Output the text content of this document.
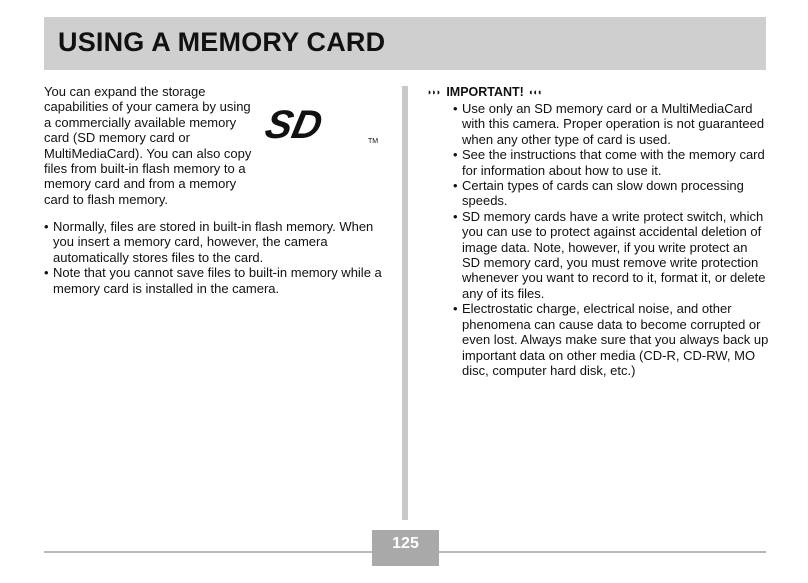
USING A MEMORY CARD

You can expand the storage capabilities of your camera by using a commercially available memory card (SD memory card or MultiMediaCard). You can also copy files from built-in flash memory to a memory card and from a memory card to flash memory.

SD	TM
• Normally, files are stored in built-in flash memory. When you insert a memory card, however, the camera automatically stores files to the card.
• Note that you cannot save files to built-in memory while a memory card is installed in the camera.
◗◗◗ IMPORTANT! ◖◖◖
• Use only an SD memory card or a MultiMediaCard with this camera. Proper operation is not guaranteed when any other type of card is used.
• See the instructions that come with the memory card for information about how to use it.
• Certain types of cards can slow down processing speeds.
• SD memory cards have a write protect switch, which you can use to protect against accidental deletion of image data. Note, however, if you write protect an SD memory card, you must remove write protection whenever you want to record to it, format it, or delete any of its files.
• Electrostatic charge, electrical noise, and other phenomena can cause data to become corrupted or even lost. Always make sure that you always back up important data on other media (CD-R, CD-RW, MO disc, computer hard disk, etc.)
125
